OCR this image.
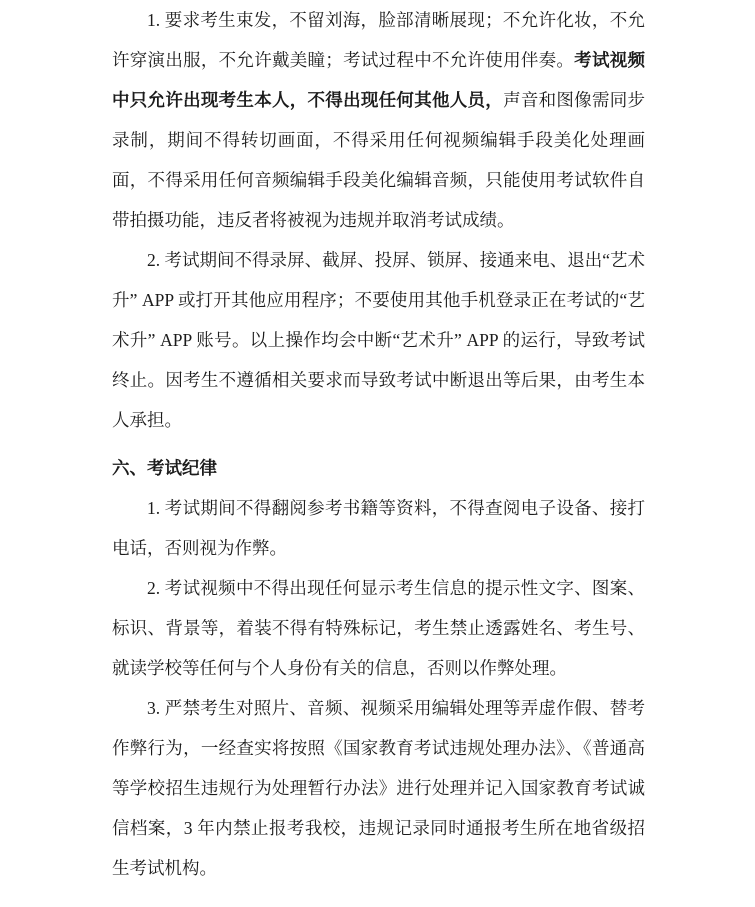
1. 要求考生束发，不留刘海，脸部清晰展现；不允许化妆，不允许穿演出服，不允许戴美瞳；考试过程中不允许使用伴奏。考试视频中只允许出现考生本人，不得出现任何其他人员，声音和图像需同步录制，期间不得转切画面，不得采用任何视频编辑手段美化处理画面，不得采用任何音频编辑手段美化编辑音频，只能使用考试软件自带拍摄功能，违反者将被视为违规并取消考试成绩。

2. 考试期间不得录屏、截屏、投屏、锁屏、接通来电、退出“艺术升” APP 或打开其他应用程序；不要使用其他手机登录正在考试的“艺术升” APP 账号。以上操作均会中断“艺术升” APP 的运行，导致考试终止。因考生不遵循相关要求而导致考试中断退出等后果，由考生本人承担。

六、考试纪律

1. 考试期间不得翻阅参考书籍等资料，不得查阅电子设备、接打电话，否则视为作弊。

2. 考试视频中不得出现任何显示考生信息的提示性文字、图案、标识、背景等，着装不得有特殊标记，考生禁止透露姓名、考生号、就读学校等任何与个人身份有关的信息，否则以作弊处理。

3. 严禁考生对照片、音频、视频采用编辑处理等弄虚作假、替考作弊行为，一经查实将按照《国家教育考试违规处理办法》、《普通高等学校招生违规行为处理暂行办法》进行处理并记入国家教育考试诚信档案，3 年内禁止报考我校，违规记录同时通报考生所在地省级招生考试机构。
